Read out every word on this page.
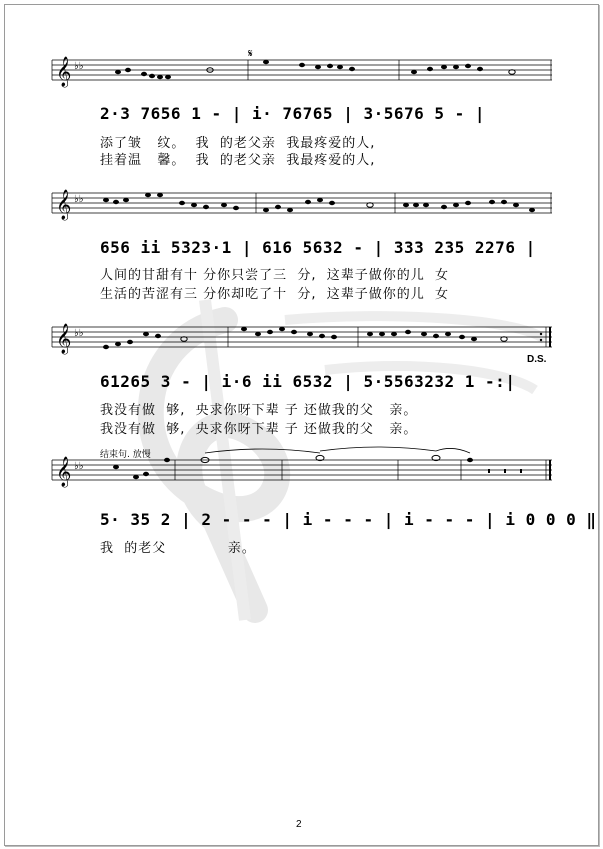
𝄞 ♭♭
𝄋
2·3 7656 1 - | i· 76765 | 3·5676 5 - |
添了皱   纹。  我  的老父亲  我最疼爱的人,
挂着温   馨。  我  的老父亲  我最疼爱的人,
𝄞 ♭♭
656 ii 5323·1 | 616 5632 - | 333 235 2276 |
人间的甘甜有十 分你只尝了三  分,  这辈子做你的儿  女
生活的苦涩有三 分你却吃了十  分,  这辈子做你的儿  女
𝄞 ♭♭
D.S.
61265 3 - | i·6 ii 6532 | 5·5563232 1 -:|
我没有做  够,  央求你呀下辈 子 还做我的父   亲。
我没有做  够,  央求你呀下辈 子 还做我的父   亲。
结束句. 放慢
𝄞 ♭♭
5· 35 2 | 2 - - - | i - - - | i - - - | i 0 0 0 ‖
我  的老父            亲。
2
